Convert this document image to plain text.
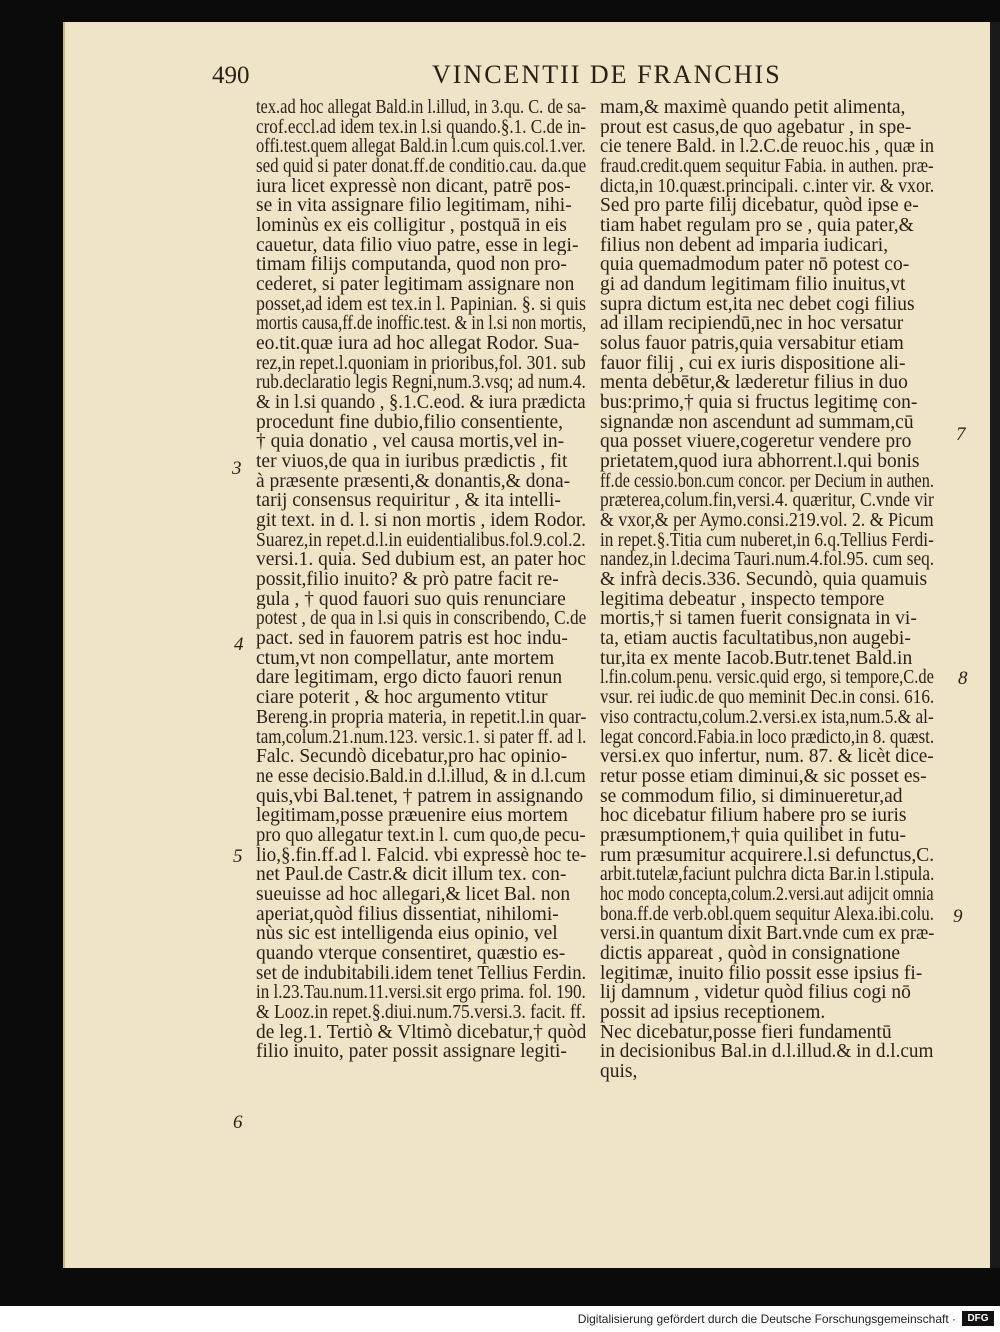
490	VINCENTII DE FRANCHIS
3
4
5
6
7
8
9
tex.ad hoc allegat Bald.in l.illud, in 3.qu. C. de sa-
crof.eccl.ad idem tex.in l.si quando.§.1. C.de in-
offi.test.quem allegat Bald.in l.cum quis.col.1.ver.
sed quid si pater donat.ff.de conditio.cau. da.que
iura licet expressè non dicant, patrē pos-
se in vita assignare filio legitimam, nihi-
lominùs ex eis colligitur , postquā in eis
cauetur, data filio viuo patre, esse in legi-
timam filijs computanda, quod non pro-
cederet, si pater legitimam assignare non
posset,ad idem est tex.in l. Papinian. §. si quis
mortis causa,ff.de inoffic.test. & in l.si non mortis,
eo.tit.quæ iura ad hoc allegat Rodor. Sua-
rez,in repet.l.quoniam in prioribus,fol. 301. sub
rub.declaratio legis Regni,num.3.vsq; ad num.4.
& in l.si quando , §.1.C.eod. & iura prædicta
procedunt fine dubio,filio consentiente,
† quia donatio , vel causa mortis,vel in-
ter viuos,de qua in iuribus prædictis , fit
à præsente præsenti,& donantis,& dona-
tarij consensus requiritur , & ita intelli-
git text. in d. l. si non mortis , idem Rodor.
Suarez,in repet.d.l.in euidentialibus.fol.9.col.2.
versi.1. quia. Sed dubium est, an pater hoc
possit,filio inuito? & prò patre facit re-
gula , † quod fauori suo quis renunciare
potest , de qua in l.si quis in conscribendo, C.de
pact. sed in fauorem patris est hoc indu-
ctum,vt non compellatur, ante mortem
dare legitimam, ergo dicto fauori renun
ciare poterit , & hoc argumento vtitur
Bereng.in propria materia, in repetit.l.in quar-
tam,colum.21.num.123. versic.1. si pater ff. ad l.
Falc. Secundò dicebatur,pro hac opinio-
ne esse decisio.Bald.in d.l.illud, & in d.l.cum
quis,vbi Bal.tenet, † patrem in assignando
legitimam,posse præuenire eius mortem
pro quo allegatur text.in l. cum quo,de pecu-
lio,§.fin.ff.ad l. Falcid. vbi expressè hoc te-
net Paul.de Castr.& dicit illum tex. con-
sueuisse ad hoc allegari,& licet Bal. non
aperiat,quòd filius dissentiat, nihilomi-
nùs sic est intelligenda eius opinio, vel
quando vterque consentiret, quæstio es-
set de indubitabili.idem tenet Tellius Ferdin.
in l.23.Tau.num.11.versi.sit ergo prima. fol. 190.
& Looz.in repet.§.diui.num.75.versi.3. facit. ff.
de leg.1. Tertiò & Vltimò dicebatur,† quòd
filio inuito, pater possit assignare legiti-
mam,& maximè quando petit alimenta,
prout est casus,de quo agebatur , in spe-
cie tenere Bald. in l.2.C.de reuoc.his , quæ in
fraud.credit.quem sequitur Fabia. in authen. præ-
dicta,in 10.quæst.principali. c.inter vir. & vxor.
Sed pro parte filij dicebatur, quòd ipse e-
tiam habet regulam pro se , quia pater,&
filius non debent ad imparia iudicari,
quia quemadmodum pater nō potest co-
gi ad dandum legitimam filio inuitus,vt
supra dictum est,ita nec debet cogi filius
ad illam recipiendū,nec in hoc versatur
solus fauor patris,quia versabitur etiam
fauor filij , cui ex iuris dispositione ali-
menta debētur,& læderetur filius in duo
bus:primo,† quia si fructus legitimę con-
signandæ non ascendunt ad summam,cū
qua posset viuere,cogeretur vendere pro
prietatem,quod iura abhorrent.l.qui bonis
ff.de cessio.bon.cum concor. per Decium in authen.
præterea,colum.fin,versi.4. quæritur, C.vnde vir
& vxor,& per Aymo.consi.219.vol. 2. & Picum
in repet.§.Titia cum nuberet,in 6.q.Tellius Ferdi-
nandez,in l.decima Tauri.num.4.fol.95. cum seq.
& infrà decis.336. Secundò, quia quamuis
legitima debeatur , inspecto tempore
mortis,† si tamen fuerit consignata in vi-
ta, etiam auctis facultatibus,non augebi-
tur,ita ex mente Iacob.Butr.tenet Bald.in
l.fin.colum.penu. versic.quid ergo, si tempore,C.de
vsur. rei iudic.de quo meminit Dec.in consi. 616.
viso contractu,colum.2.versi.ex ista,num.5.& al-
legat concord.Fabia.in loco prædicto,in 8. quæst.
versi.ex quo infertur, num. 87. & licèt dice-
retur posse etiam diminui,& sic posset es-
se commodum filio, si diminueretur,ad
hoc dicebatur filium habere pro se iuris
præsumptionem,† quia quilibet in futu-
rum præsumitur acquirere.l.si defunctus,C.
arbit.tutelæ,faciunt pulchra dicta Bar.in l.stipula.
hoc modo concepta,colum.2.versi.aut adijcit omnia
bona.ff.de verb.obl.quem sequitur Alexa.ibi.colu.
versi.in quantum dixit Bart.vnde cum ex præ-
dictis appareat , quòd in consignatione
legitimæ, inuito filio possit esse ipsius fi-
lij damnum , videtur quòd filius cogi nō
possit ad ipsius receptionem.
Nec dicebatur,posse fieri fundamentū
in decisionibus Bal.in d.l.illud.& in d.l.cum
quis,
Digitalisierung gefördert durch die Deutsche Forschungsgemeinschaft ·	DFG
